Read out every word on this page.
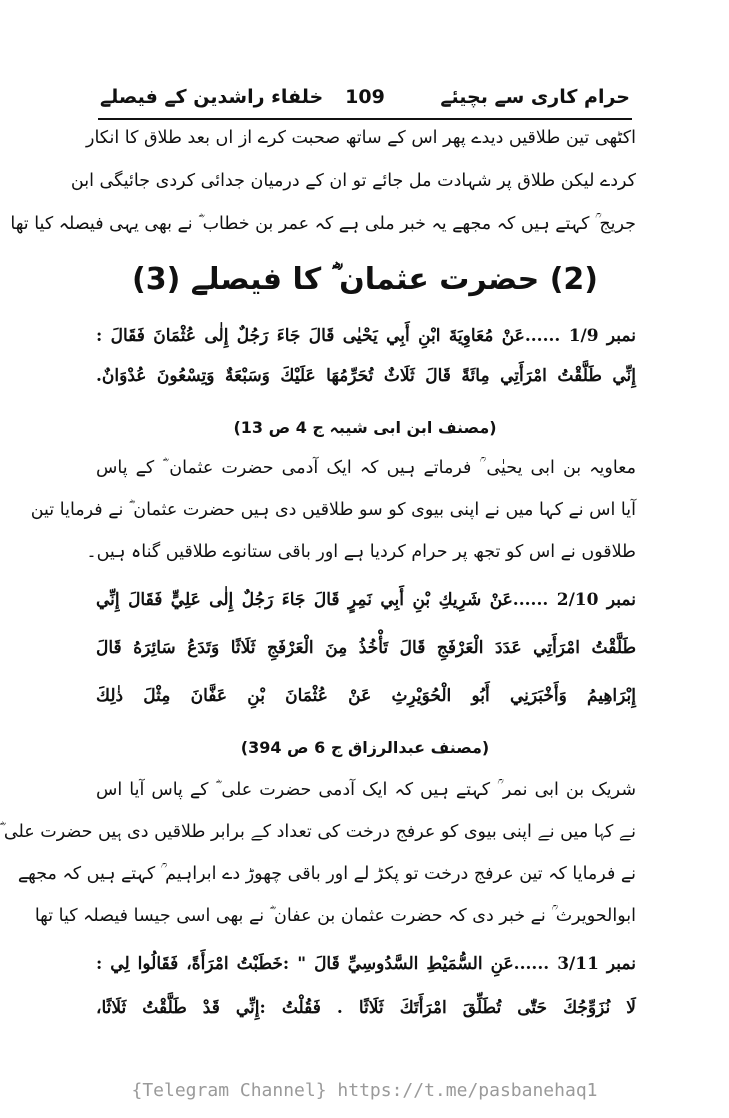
خلفاء راشدین کے فیصلے	109	حرام کاری سے بچیئے
اکٹھی تین طلاقیں دیدے پھر اس کے ساتھ صحبت کرے از اں بعد طلاق کا انکار
کردے لیکن طلاق پر شہادت مل جائے تو ان کے درمیان جدائی کردی جائیگی ابن
جریج ؒ کہتے ہیں کہ مجھے یہ خبر ملی ہے کہ عمر بن خطاب ؓ نے بھی یہی فیصلہ کیا تھا
(2) حضرت عثمان ؓ کا فیصلے (3)
نمبر 1/9 ......عَنْ مُعَاوِيَةَ ابْنِ أَبِي يَحْيٰى قَالَ جَاءَ رَجُلٌ إِلٰى عُثْمَانَ فَقَالَ :
إِنِّي طَلَّقْتُ امْرَأَتِي مِائَةً قَالَ ثَلَاثٌ تُحَرِّمُهَا عَلَيْكَ وَسَبْعَةٌ وَتِسْعُونَ عُدْوَانٌ.
(مصنف ابن ابی شیبہ ج 4 ص 13)
معاویہ بن ابی یحیٰی ؒ فرماتے ہیں کہ ایک آدمی حضرت عثمان ؓ کے پاس
آیا اس نے کہا میں نے اپنی بیوی کو سو طلاقیں دی ہیں حضرت عثمان ؓ نے فرمایا تین
طلاقوں نے اس کو تجھ پر حرام کردیا ہے اور باقی ستانوے طلاقیں گناہ ہیں۔
نمبر 2/10 ......عَنْ شَرِيكِ بْنِ أَبِي نَمِرٍ قَالَ جَاءَ رَجُلٌ إِلٰى عَلِيٍّ فَقَالَ إِنِّي
طَلَّقْتُ امْرَأَتِي عَدَدَ الْعَرْفَجِ قَالَ تَأْخُذُ مِنَ الْعَرْفَجِ ثَلَاثًا وَتَدَعُ سَائِرَهُ قَالَ
إِبْرَاهِيمُ وَأَخْبَرَنِي أَبُو الْحُوَيْرِثِ عَنْ عُثْمَانَ بْنِ عَفَّانَ مِثْلَ ذٰلِكَ
(مصنف عبدالرزاق ج 6 ص 394)
شریک بن ابی نمر ؒ کہتے ہیں کہ ایک آدمی حضرت علی ؓ کے پاس آیا اس
نے کہا میں نے اپنی بیوی کو عرفج درخت کی تعداد کے برابر طلاقیں دی ہیں حضرت علی ؓ
نے فرمایا کہ تین عرفج درخت تو پکڑ لے اور باقی چھوڑ دے ابراہیم ؒ کہتے ہیں کہ مجھے
ابوالحویرث ؒ نے خبر دی کہ حضرت عثمان بن عفان ؓ نے بھی اسی جیسا فیصلہ کیا تھا
نمبر 3/11 ......عَنِ السُّمَيْطِ السَّدُوسِيِّ قَالَ " :خَطَبْتُ امْرَأَةً، فَقَالُوا لِي :
لَا نُزَوِّجُكَ حَتّٰى تُطَلِّقَ امْرَأَتَكَ ثَلَاثًا . فَقُلْتُ :إِنِّي قَدْ طَلَّقْتُ ثَلَاثًا،
{Telegram Channel} https://t.me/pasbanehaq1
